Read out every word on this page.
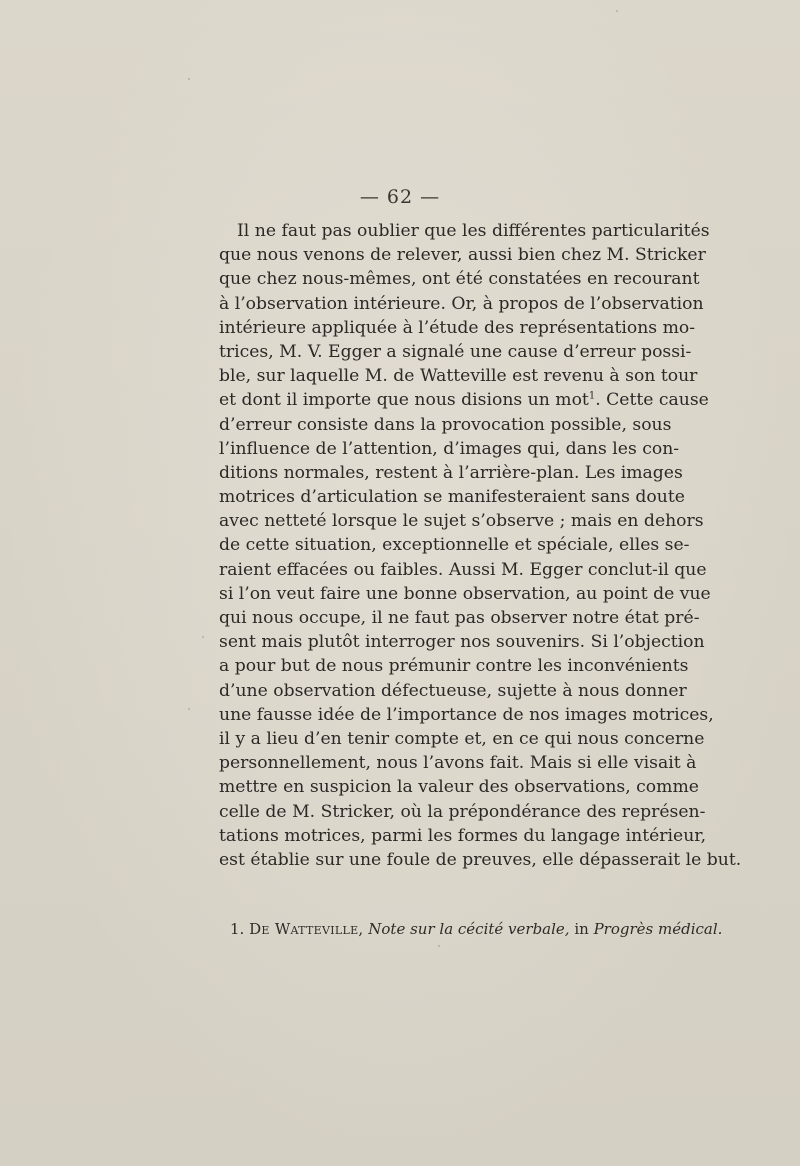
— 62 —
Il ne faut pas oublier que les différentes particularités
que nous venons de relever, aussi bien chez M. Stricker
que chez nous-mêmes, ont été constatées en recourant
à l’observation intérieure. Or, à propos de l’observation
intérieure appliquée à l’étude des représentations mo-
trices, M. V. Egger a signalé une cause d’erreur possi-
ble, sur laquelle M. de Watteville est revenu à son tour
et dont il importe que nous disions un mot$^1$. Cette cause
d’erreur consiste dans la provocation possible, sous
l’influence de l’attention, d’images qui, dans les con-
ditions normales, restent à l’arrière-plan. Les images
motrices d’articulation se manifesteraient sans doute
avec netteté lorsque le sujet s’observe ; mais en dehors
de cette situation, exceptionnelle et spéciale, elles se-
raient effacées ou faibles. Aussi M. Egger conclut-il que
si l’on veut faire une bonne observation, au point de vue
qui nous occupe, il ne faut pas observer notre état pré-
sent mais plutôt interroger nos souvenirs. Si l’objection
a pour but de nous prémunir contre les inconvénients
d’une observation défectueuse, sujette à nous donner
une fausse idée de l’importance de nos images motrices,
il y a lieu d’en tenir compte et, en ce qui nous concerne
personnellement, nous l’avons fait. Mais si elle visait à
mettre en suspicion la valeur des observations, comme
celle de M. Stricker, où la prépondérance des représen-
tations motrices, parmi les formes du langage intérieur,
est établie sur une foule de preuves, elle dépasserait le but.
1. De Watteville, Note sur la cécité verbale, in Progrès médical.
